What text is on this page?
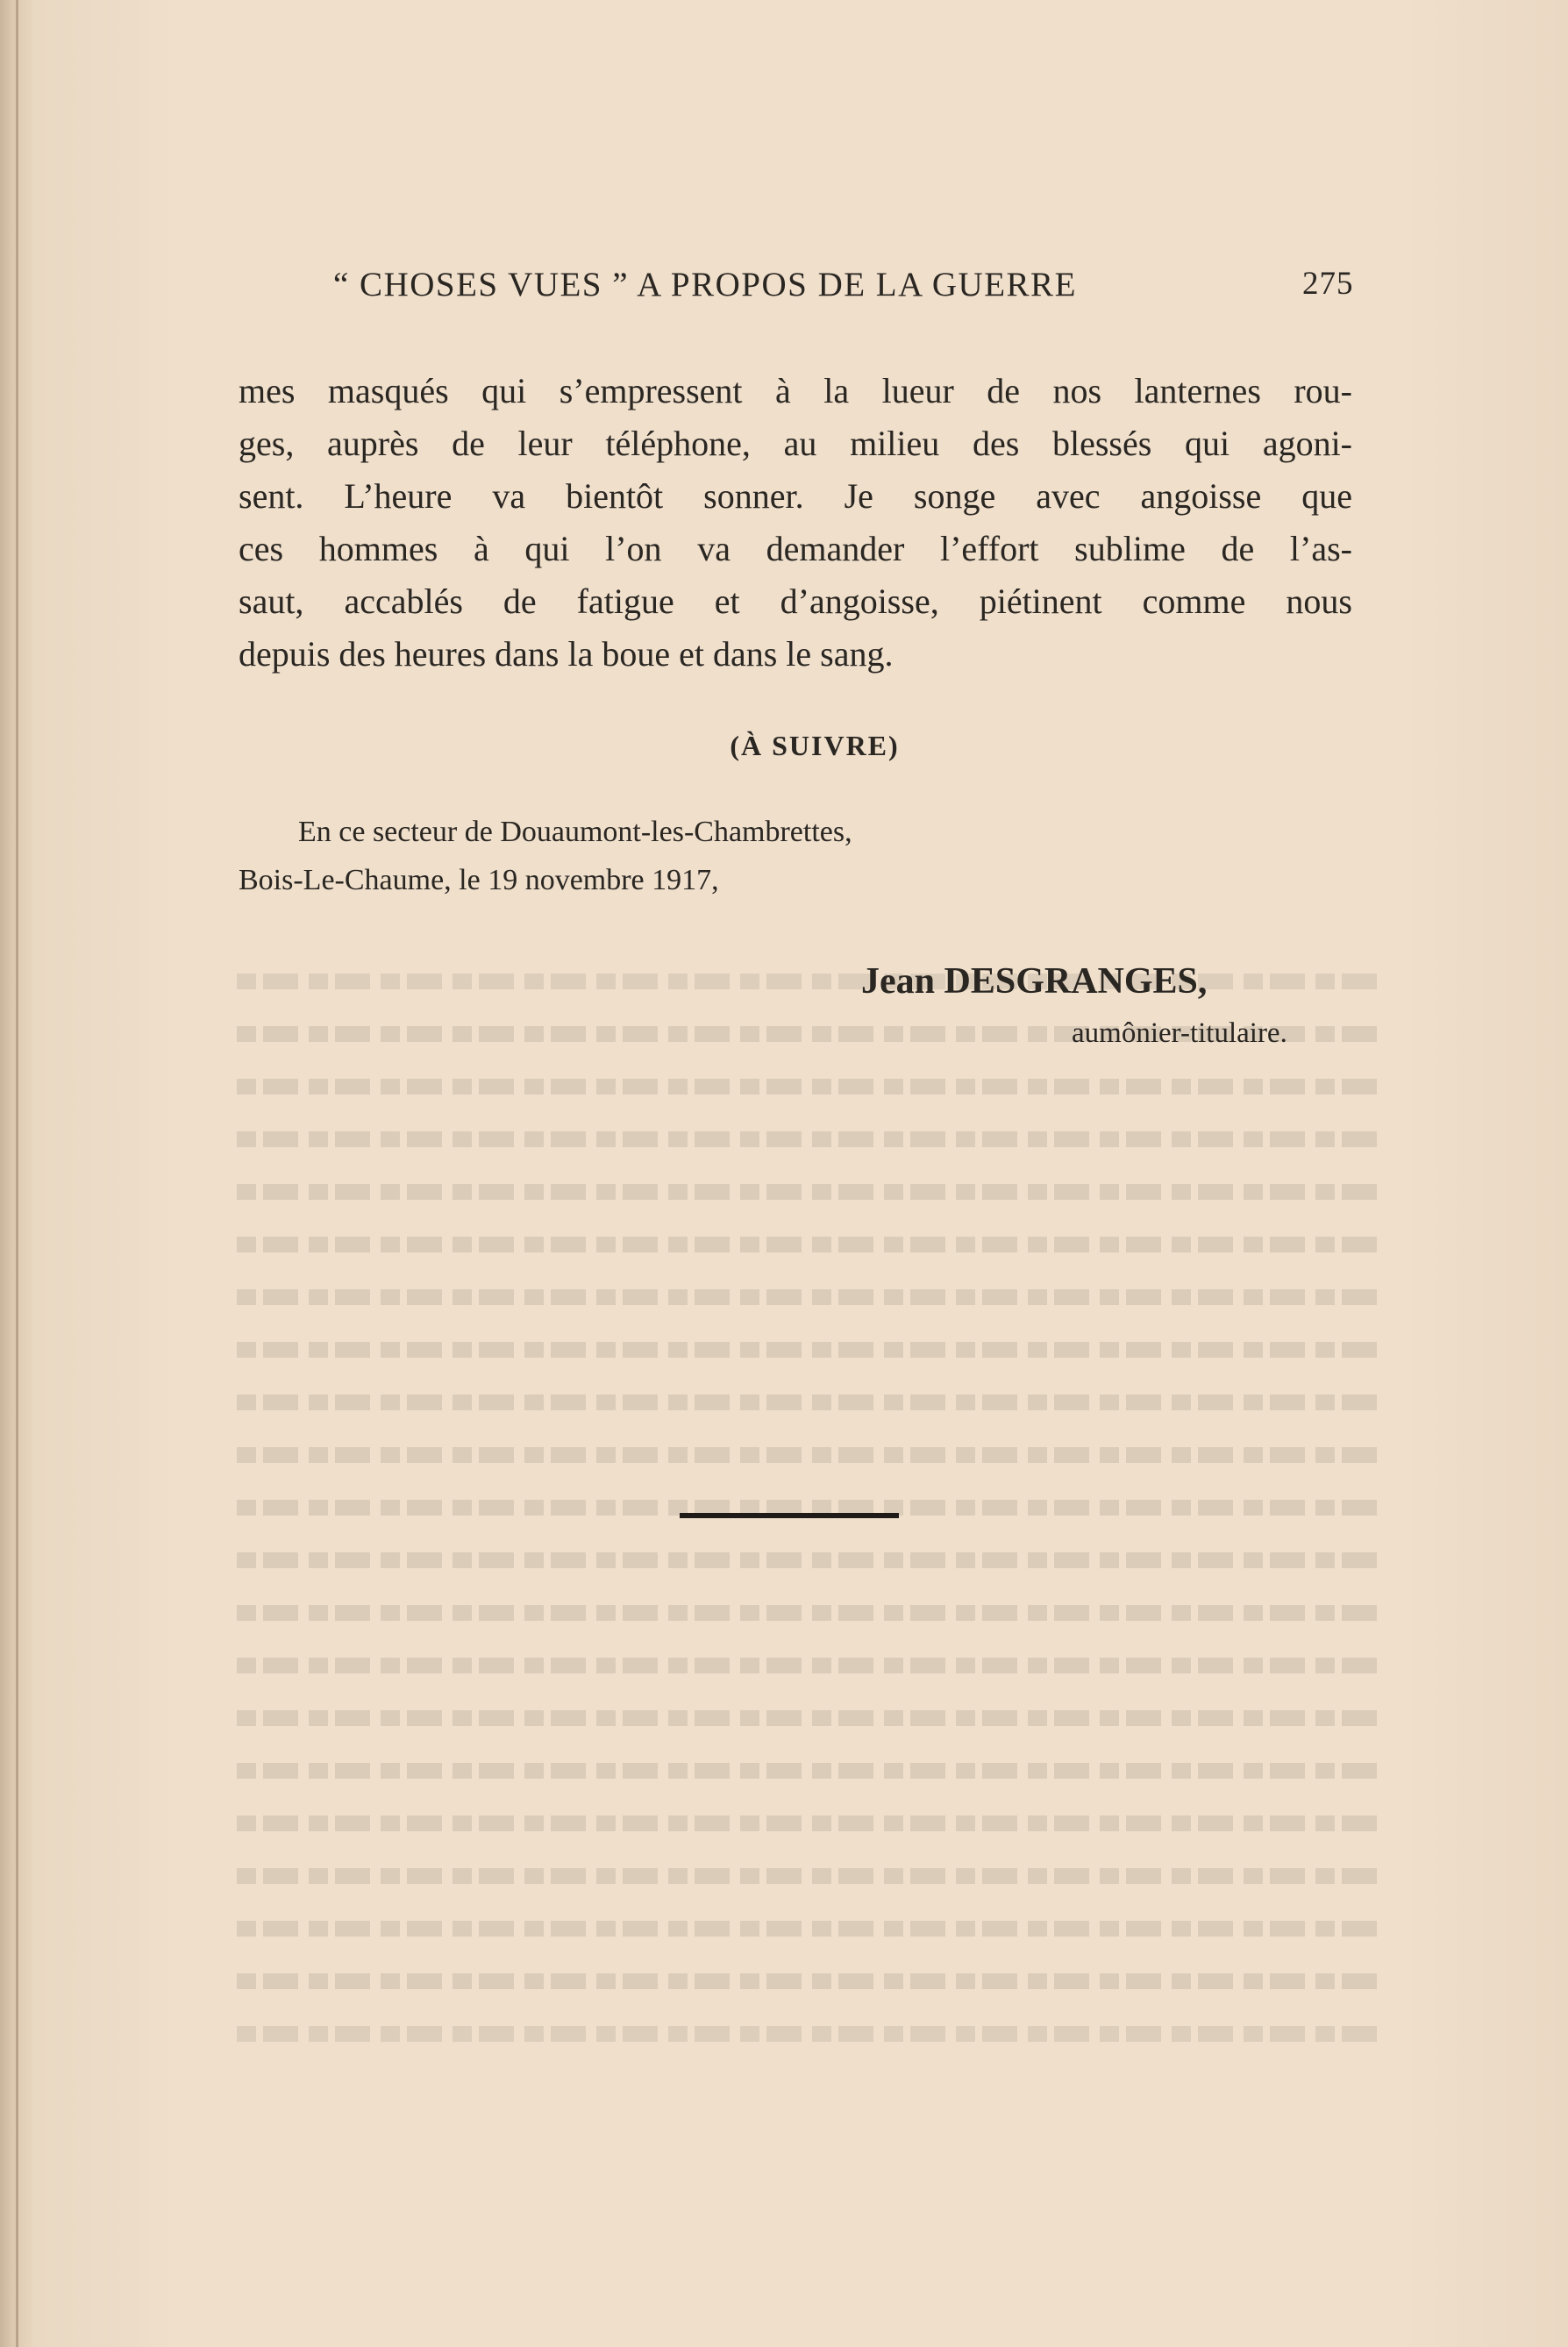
“ CHOSES VUES ” A PROPOS DE LA GUERRE	275
mes masqués qui s’empressent à la lueur de nos lanternes rou-
ges, auprès de leur téléphone, au milieu des blessés qui agoni-
sent. L’heure va bientôt sonner. Je songe avec angoisse que
ces hommes à qui l’on va demander l’effort sublime de l’as-
saut, accablés de fatigue et d’angoisse, piétinent comme nous
depuis des heures dans la boue et dans le sang.
(À SUIVRE)
En ce secteur de Douaumont-les-Chambrettes,
Bois-Le-Chaume, le 19 novembre 1917,
Jean DESGRANGES,
aumônier-titulaire.
